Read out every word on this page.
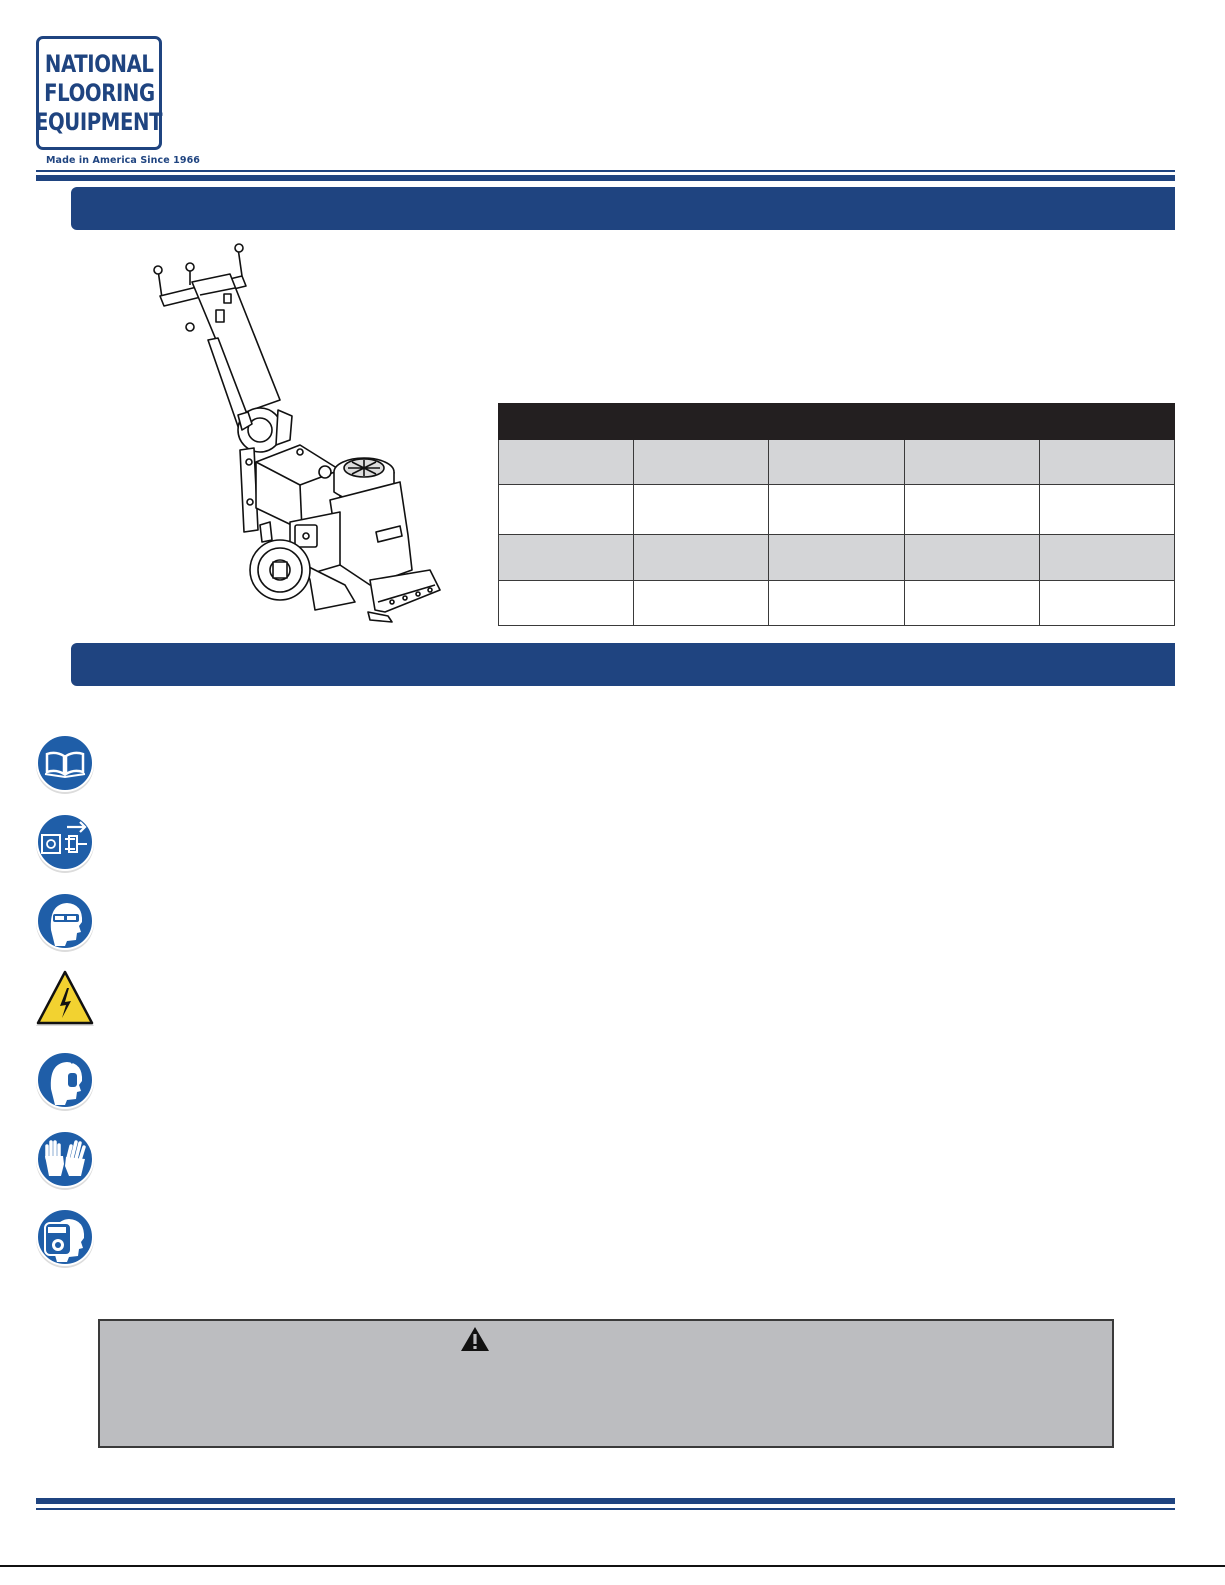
NATIONAL
FLOORING
EQUIPMENT
Made in America Since 1966
